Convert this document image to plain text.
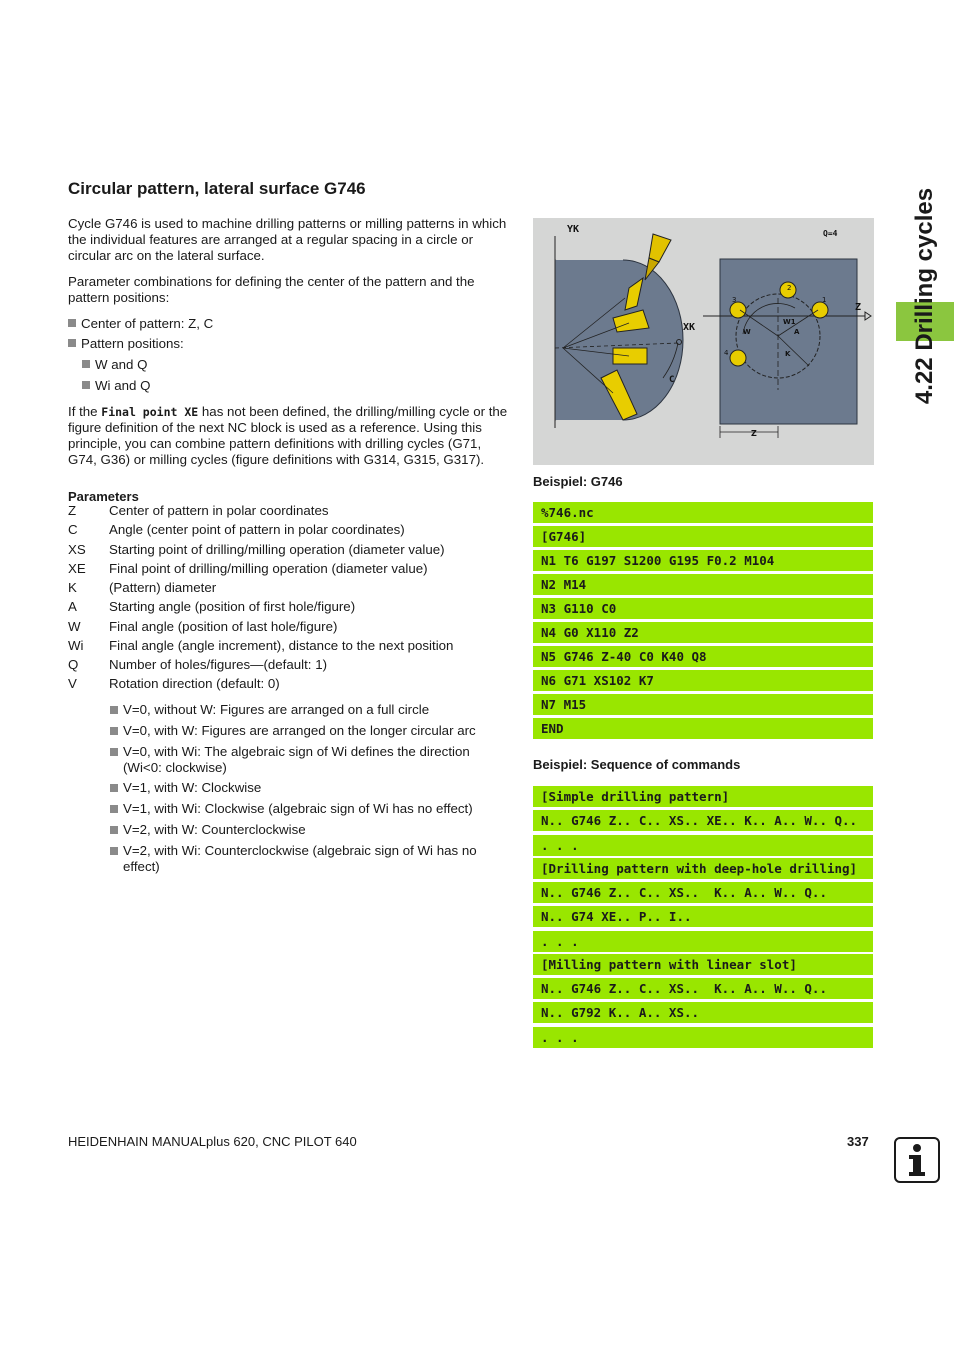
Circular pattern, lateral surface G746
Cycle G746 is used to machine drilling patterns or milling patterns in which the individual features are arranged at a regular spacing in a circle or circular arc on the lateral surface.
Parameter combinations for defining the center of the pattern and the pattern positions:
Center of pattern: Z, C
Pattern positions:
W and Q
Wi and Q
If the Final point XE has not been defined, the drilling/milling cycle or the figure definition of the next NC block is used as a reference. Using this principle, you can combine pattern definitions with drilling cycles (G71, G74, G36) or milling cycles (figure definitions with G314, G315, G317).
Parameters
Z Center of pattern in polar coordinates
C Angle (center point of pattern in polar coordinates)
XS Starting point of drilling/milling operation (diameter value)
XE Final point of drilling/milling operation (diameter value)
K (Pattern) diameter
A Starting angle (position of first hole/figure)
W Final angle (position of last hole/figure)
Wi Final angle (angle increment), distance to the next position
Q Number of holes/figures—(default: 1)
V Rotation direction (default: 0)
V=0, without W: Figures are arranged on a full circle
V=0, with W: Figures are arranged on the longer circular arc
V=0, with Wi: The algebraic sign of Wi defines the direction (Wi<0: clockwise)
V=1, with W: Clockwise
V=1, with Wi: Clockwise (algebraic sign of Wi has no effect)
V=2, with W: Counterclockwise
V=2, with Wi: Counterclockwise (algebraic sign of Wi has no effect)
YK
XK
C
Q=4
Z
2
1
3
4
W
W1
A
K
Z
Beispiel: G746
%746.nc
[G746]
N1 T6 G197 S1200 G195 F0.2 M104
N2 M14
N3 G110 C0
N4 G0 X110 Z2
N5 G746 Z-40 C0 K40 Q8
N6 G71 XS102 K7
N7 M15
END
Beispiel: Sequence of commands
[Simple drilling pattern]
N.. G746 Z.. C.. XS.. XE.. K.. A.. W.. Q..
. . .
[Drilling pattern with deep-hole drilling]
N.. G746 Z.. C.. XS..  K.. A.. W.. Q..
N.. G74 XE.. P.. I..
. . .
[Milling pattern with linear slot]
N.. G746 Z.. C.. XS..  K.. A.. W.. Q..
N.. G792 K.. A.. XS..
. . .
4.22 Drilling cycles
HEIDENHAIN MANUALplus 620, CNC PILOT 640	337
